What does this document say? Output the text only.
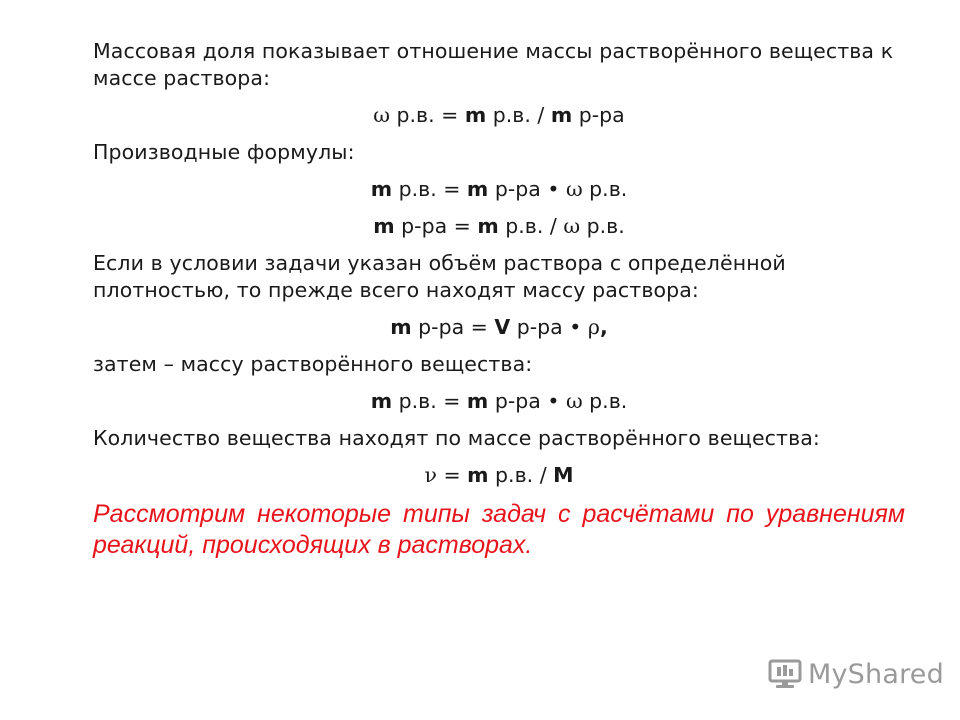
Массовая доля показывает отношение массы растворённого вещества к массе раствора:

ω р.в. = m р.в. / m р-ра

Производные формулы:

m р.в. = m р-ра • ω р.в.

m р-ра = m р.в. / ω р.в.

Если в условии задачи указан объём раствора с определённой плотностью, то прежде всего находят массу раствора:

m р-ра = V р-ра • ρ,

затем – массу растворённого вещества:

m р.в. = m р-ра • ω р.в.

Количество вещества находят по массе растворённого вещества:

ν = m р.в. / M

Рассмотрим некоторые типы задач с расчётами по уравнениям реакций, происходящих в растворах.

MyShared
